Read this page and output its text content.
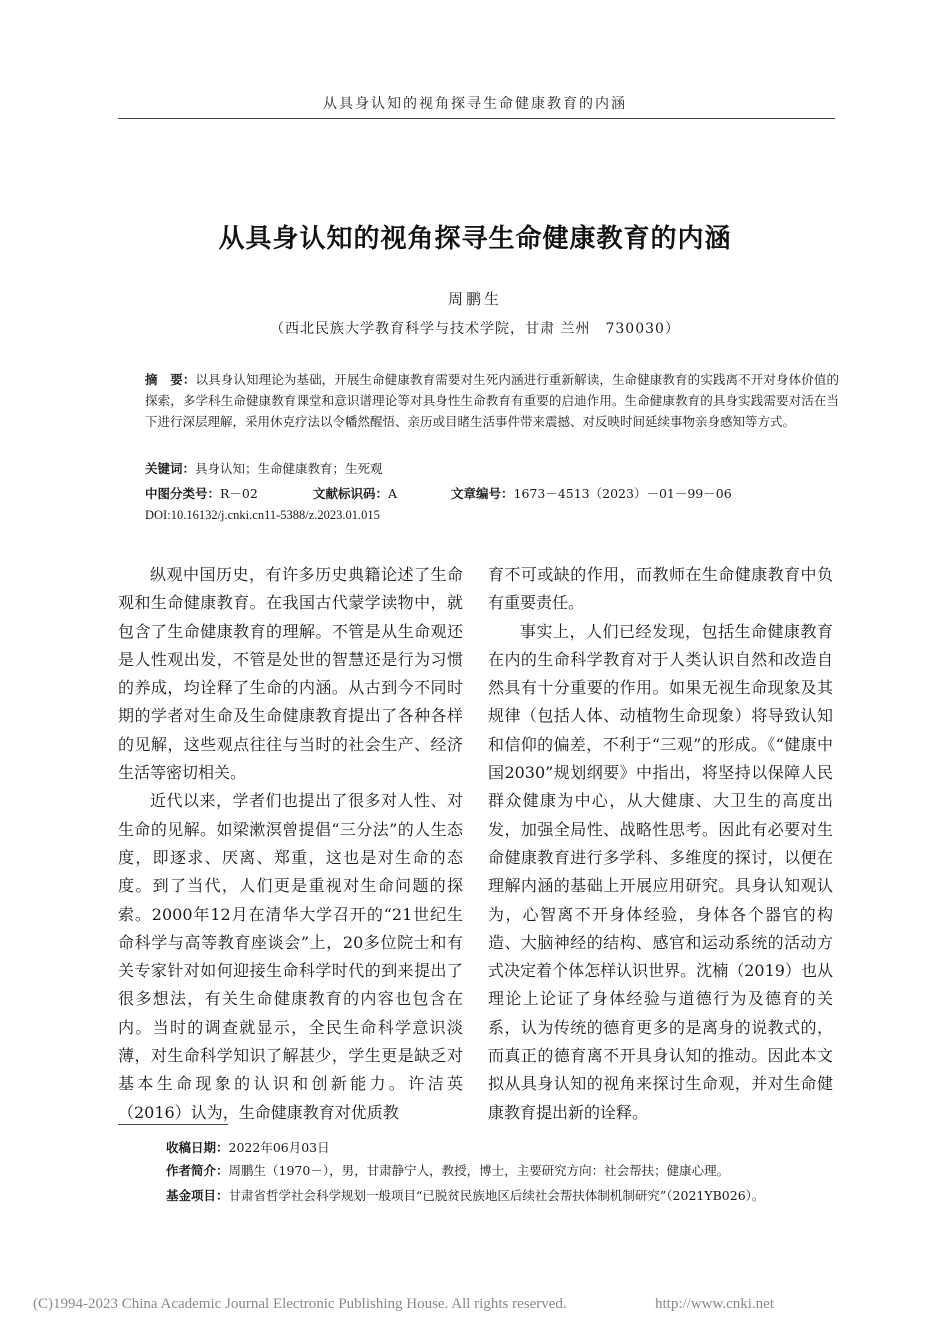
从具身认知的视角探寻生命健康教育的内涵
从具身认知的视角探寻生命健康教育的内涵
周鹏生
（西北民族大学教育科学与技术学院，甘肃 兰州　730030）
摘　要：以具身认知理论为基础，开展生命健康教育需要对生死内涵进行重新解读，生命健康教育的实践离不开对身体价值的探索，多学科生命健康教育课堂和意识谱理论等对具身性生命教育有重要的启迪作用。生命健康教育的具身实践需要对活在当下进行深层理解，采用休克疗法以令幡然醒悟、亲历或目睹生活事件带来震撼、对反映时间延续事物亲身感知等方式。
关键词：具身认知；生命健康教育；生死观
中图分类号：R－02	文献标识码：A	文章编号：1673－4513（2023）－01－99－06
DOI:10.16132/j.cnki.cn11-5388/z.2023.01.015

纵观中国历史，有许多历史典籍论述了生命观和生命健康教育。在我国古代蒙学读物中，就包含了生命健康教育的理解。不管是从生命观还是人性观出发，不管是处世的智慧还是行为习惯的养成，均诠释了生命的内涵。从古到今不同时期的学者对生命及生命健康教育提出了各种各样的见解，这些观点往往与当时的社会生产、经济生活等密切相关。

近代以来，学者们也提出了很多对人性、对生命的见解。如梁漱溟曾提倡“三分法”的人生态度，即逐求、厌离、郑重，这也是对生命的态度。到了当代，人们更是重视对生命问题的探索。2000年12月在清华大学召开的“21世纪生命科学与高等教育座谈会”上，20多位院士和有关专家针对如何迎接生命科学时代的到来提出了很多想法，有关生命健康教育的内容也包含在内。当时的调查就显示，全民生命科学意识淡薄，对生命科学知识了解甚少，学生更是缺乏对基本生命现象的认识和创新能力。许洁英（2016）认为，生命健康教育对优质教

育不可或缺的作用，而教师在生命健康教育中负有重要责任。

事实上，人们已经发现，包括生命健康教育在内的生命科学教育对于人类认识自然和改造自然具有十分重要的作用。如果无视生命现象及其规律（包括人体、动植物生命现象）将导致认知和信仰的偏差，不利于“三观”的形成。《“健康中国2030”规划纲要》中指出，将坚持以保障人民群众健康为中心，从大健康、大卫生的高度出发，加强全局性、战略性思考。因此有必要对生命健康教育进行多学科、多维度的探讨，以便在理解内涵的基础上开展应用研究。具身认知观认为，心智离不开身体经验，身体各个器官的构造、大脑神经的结构、感官和运动系统的活动方式决定着个体怎样认识世界。沈楠（2019）也从理论上论证了身体经验与道德行为及德育的关系，认为传统的德育更多的是离身的说教式的，而真正的德育离不开具身认知的推动。因此本文拟从具身认知的视角来探讨生命观，并对生命健康教育提出新的诠释。

收稿日期：2022年06月03日
作者简介：周鹏生（1970－），男，甘肃静宁人，教授，博士，主要研究方向：社会帮扶；健康心理。
基金项目：甘肃省哲学社会科学规划一般项目“已脱贫民族地区后续社会帮扶体制机制研究”（2021YB026）。
(C)1994-2023 China Academic Journal Electronic Publishing House. All rights reserved.	http://www.cnki.net
